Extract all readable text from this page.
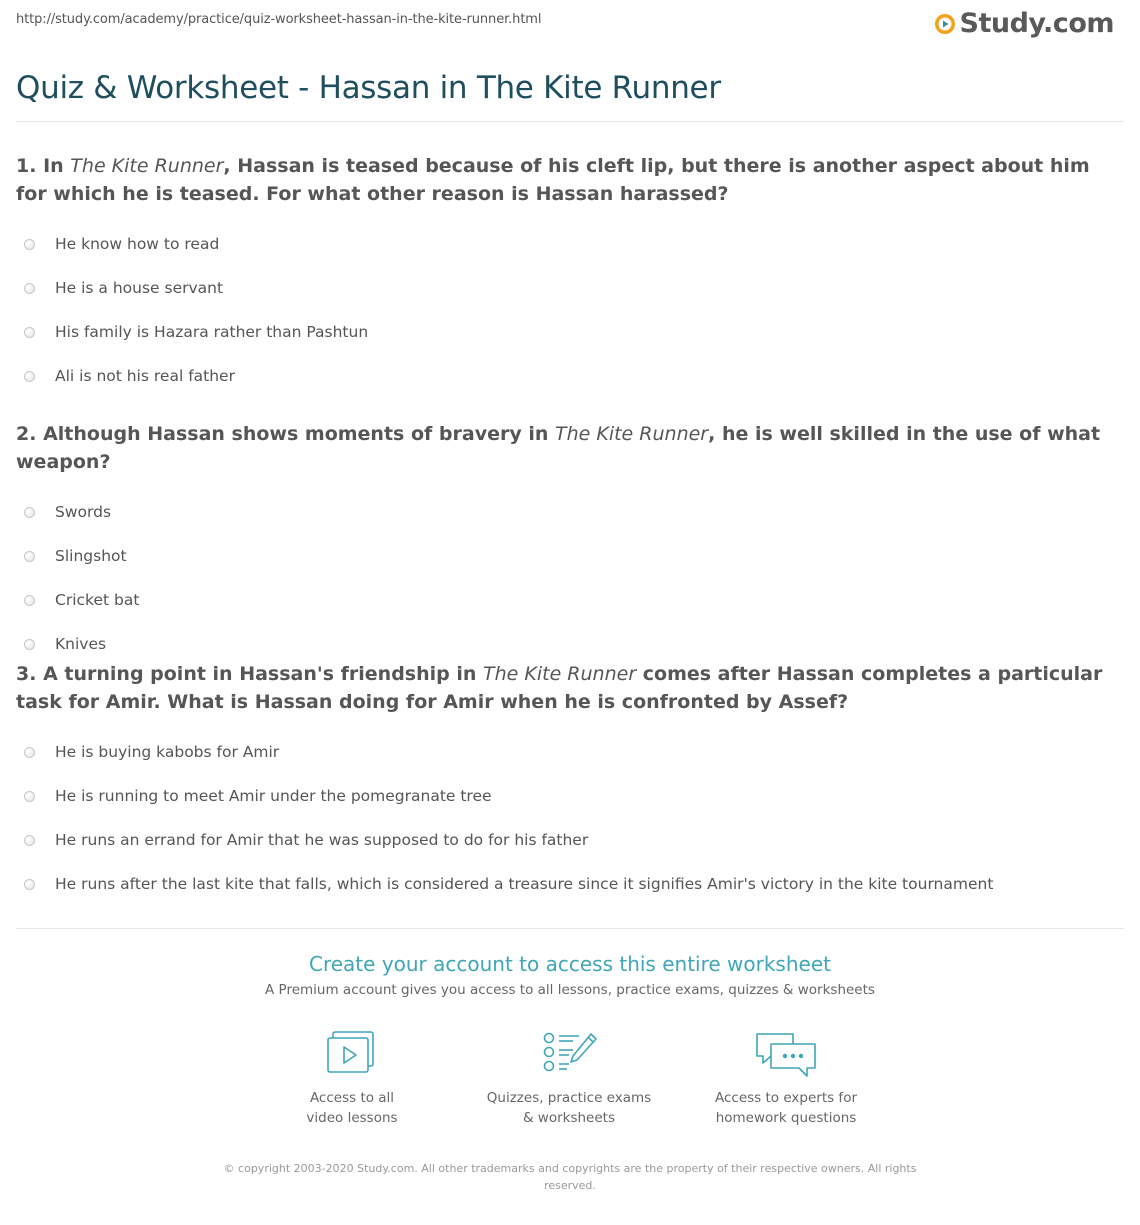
http://study.com/academy/practice/quiz-worksheet-hassan-in-the-kite-runner.html	Study.com
Quiz & Worksheet - Hassan in The Kite Runner

1. In The Kite Runner, Hassan is teased because of his cleft lip, but there is another aspect about him for which he is teased. For what other reason is Hassan harassed?

He know how to read
He is a house servant
His family is Hazara rather than Pashtun
Ali is not his real father

2. Although Hassan shows moments of bravery in The Kite Runner, he is well skilled in the use of what weapon?

Swords
Slingshot
Cricket bat
Knives

3. A turning point in Hassan's friendship in The Kite Runner comes after Hassan completes a particular task for Amir. What is Hassan doing for Amir when he is confronted by Assef?

He is buying kabobs for Amir
He is running to meet Amir under the pomegranate tree
He runs an errand for Amir that he was supposed to do for his father
He runs after the last kite that falls, which is considered a treasure since it signifies Amir's victory in the kite tournament
Create your account to access this entire worksheet
A Premium account gives you access to all lessons, practice exams, quizzes & worksheets
Access to all
video lessons
Quizzes, practice exams
& worksheets
Access to experts for
homework questions
© copyright 2003-2020 Study.com. All other trademarks and copyrights are the property of their respective owners. All rights
reserved.
